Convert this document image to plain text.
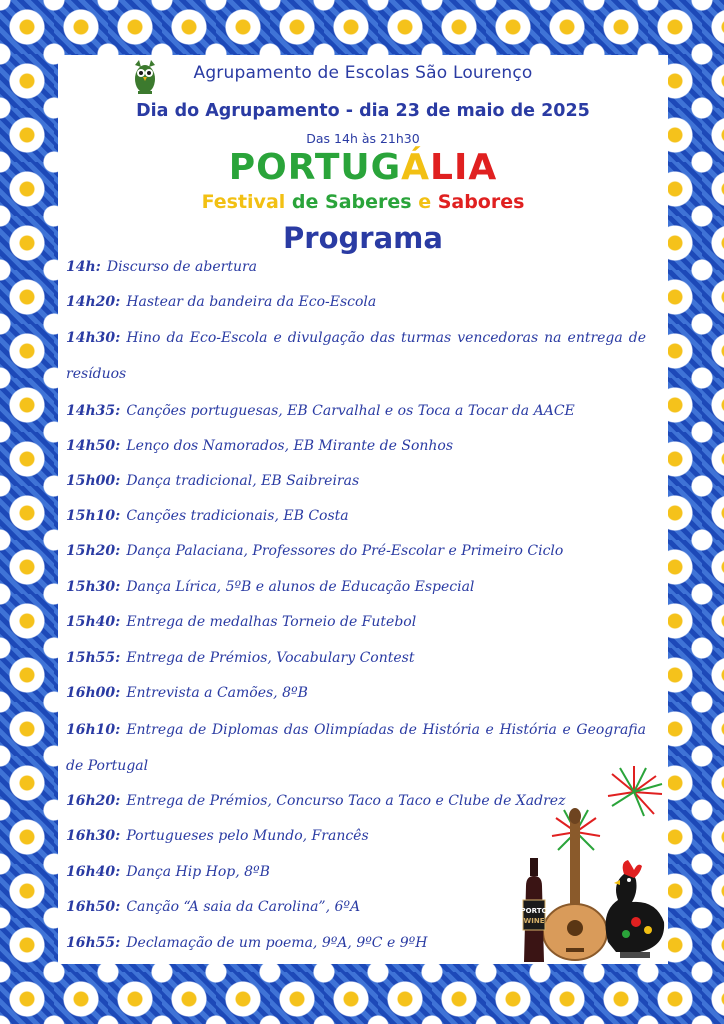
Agrupamento de Escolas São Lourenço
Dia do Agrupamento - dia 23 de maio de 2025
Das 14h às 21h30
PORTUGÁLIA
Festival de Saberes e Sabores
Programa
14h: Discurso de abertura
14h20: Hastear da bandeira da Eco-Escola
14h30: Hino da Eco-Escola e divulgação das turmas vencedoras na entrega de resíduos
14h35: Canções portuguesas, EB Carvalhal e os Toca a Tocar da AACE
14h50: Lenço dos Namorados, EB Mirante de Sonhos
15h00: Dança tradicional, EB Saibreiras
15h10: Canções tradicionais, EB Costa
15h20: Dança Palaciana, Professores do Pré-Escolar e Primeiro Ciclo
15h30: Dança Lírica, 5ºB e alunos de Educação Especial
15h40: Entrega de medalhas Torneio de Futebol
15h55: Entrega de Prémios, Vocabulary Contest
16h00: Entrevista a Camões, 8ºB
16h10: Entrega de Diplomas das Olimpíadas de História e História e Geografia de Portugal
16h20: Entrega de Prémios, Concurso Taco a Taco e Clube de Xadrez
16h30: Portugueses pelo Mundo, Francês
16h40: Dança Hip Hop, 8ºB
16h50: Canção “A saia da Carolina”, 6ºA
16h55: Declamação de um poema, 9ºA, 9ºC e 9ºH
PORTO
WINE
